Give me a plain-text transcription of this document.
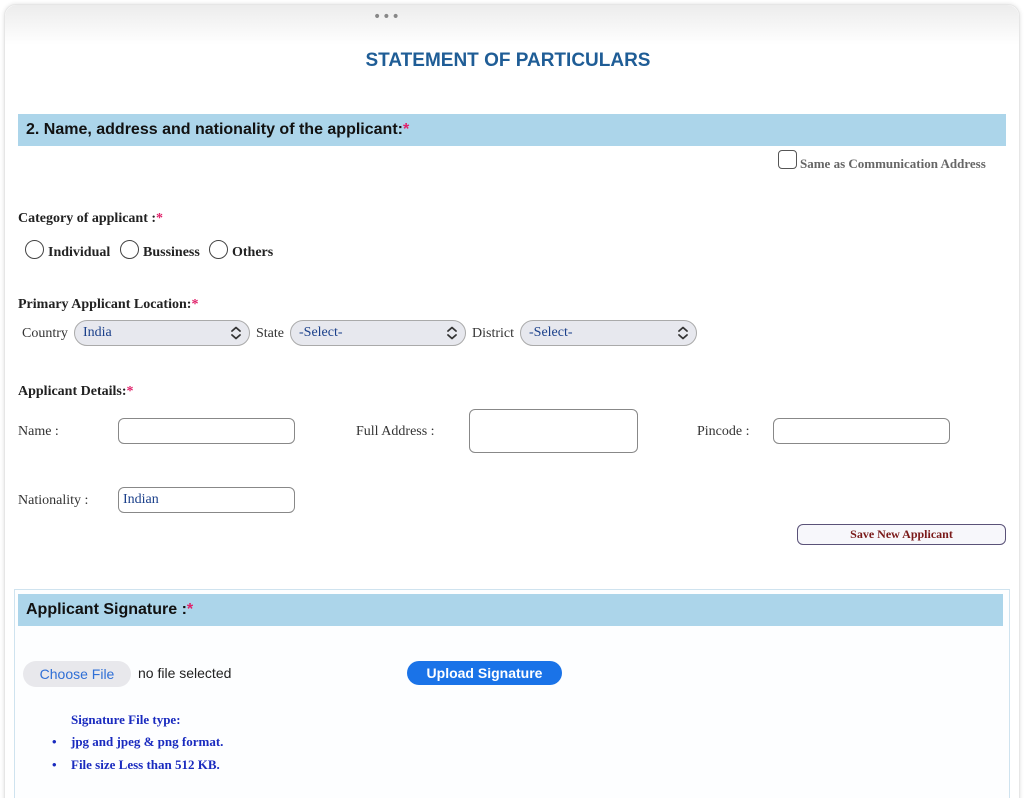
•••
STATEMENT OF PARTICULARS
2. Name, address and nationality of the applicant:*
Same as Communication Address
Category of applicant :*
Individual Bussiness Others
Primary Applicant Location:*
Country	India	State	-Select-	District	-Select-
Applicant Details:*
Name :	Full Address :	Pincode :
Nationality :
Indian
Save New Applicant
Applicant Signature :*
Choose File	no file selected	Upload Signature
Signature File type:
• jpg and jpeg & png format.
• File size Less than 512 KB.
